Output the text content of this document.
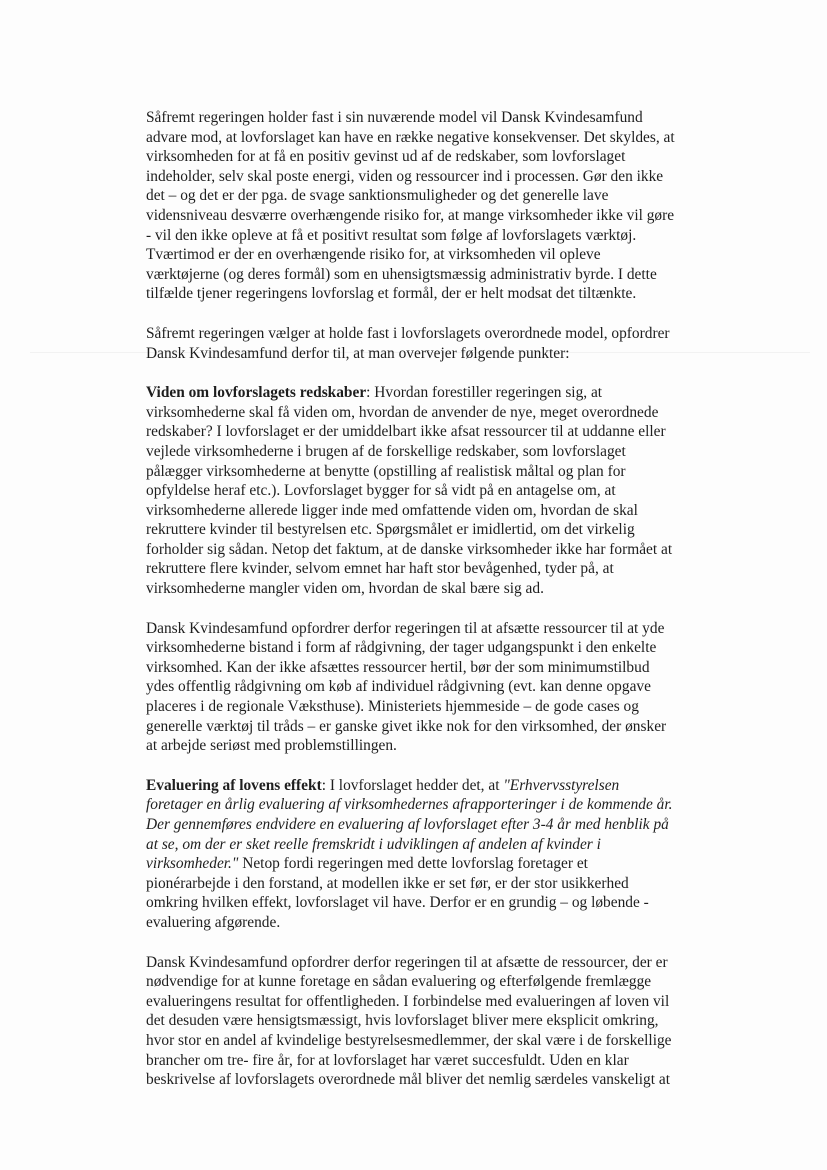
Såfremt regeringen holder fast i sin nuværende model vil Dansk Kvindesamfund
advare mod, at lovforslaget kan have en række negative konsekvenser. Det skyldes, at
virksomheden for at få en positiv gevinst ud af de redskaber, som lovforslaget
indeholder, selv skal poste energi, viden og ressourcer ind i processen. Gør den ikke
det – og det er der pga. de svage sanktionsmuligheder og det generelle lave
vidensniveau desværre overhængende risiko for, at mange virksomheder ikke vil gøre
- vil den ikke opleve at få et positivt resultat som følge af lovforslagets værktøj.
Tværtimod er der en overhængende risiko for, at virksomheden vil opleve
værktøjerne (og deres formål) som en uhensigtsmæssig administrativ byrde. I dette
tilfælde tjener regeringens lovforslag et formål, der er helt modsat det tiltænkte.

Såfremt regeringen vælger at holde fast i lovforslagets overordnede model, opfordrer
Dansk Kvindesamfund derfor til, at man overvejer følgende punkter:

Viden om lovforslagets redskaber: Hvordan forestiller regeringen sig, at
virksomhederne skal få viden om, hvordan de anvender de nye, meget overordnede
redskaber? I lovforslaget er der umiddelbart ikke afsat ressourcer til at uddanne eller
vejlede virksomhederne i brugen af de forskellige redskaber, som lovforslaget
pålægger virksomhederne at benytte (opstilling af realistisk måltal og plan for
opfyldelse heraf etc.). Lovforslaget bygger for så vidt på en antagelse om, at
virksomhederne allerede ligger inde med omfattende viden om, hvordan de skal
rekruttere kvinder til bestyrelsen etc. Spørgsmålet er imidlertid, om det virkelig
forholder sig sådan. Netop det faktum, at de danske virksomheder ikke har formået at
rekruttere flere kvinder, selvom emnet har haft stor bevågenhed, tyder på, at
virksomhederne mangler viden om, hvordan de skal bære sig ad.

Dansk Kvindesamfund opfordrer derfor regeringen til at afsætte ressourcer til at yde
virksomhederne bistand i form af rådgivning, der tager udgangspunkt i den enkelte
virksomhed. Kan der ikke afsættes ressourcer hertil, bør der som minimumstilbud
ydes offentlig rådgivning om køb af individuel rådgivning (evt. kan denne opgave
placeres i de regionale Væksthuse). Ministeriets hjemmeside – de gode cases og
generelle værktøj til tråds – er ganske givet ikke nok for den virksomhed, der ønsker
at arbejde seriøst med problemstillingen.

Evaluering af lovens effekt: I lovforslaget hedder det, at "Erhvervsstyrelsen
foretager en årlig evaluering af virksomhedernes afrapporteringer i de kommende år.
Der gennemføres endvidere en evaluering af lovforslaget efter 3-4 år med henblik på
at se, om der er sket reelle fremskridt i udviklingen af andelen af kvinder i
virksomheder." Netop fordi regeringen med dette lovforslag foretager et
pionérarbejde i den forstand, at modellen ikke er set før, er der stor usikkerhed
omkring hvilken effekt, lovforslaget vil have. Derfor er en grundig – og løbende -
evaluering afgørende.

Dansk Kvindesamfund opfordrer derfor regeringen til at afsætte de ressourcer, der er
nødvendige for at kunne foretage en sådan evaluering og efterfølgende fremlægge
evalueringens resultat for offentligheden. I forbindelse med evalueringen af loven vil
det desuden være hensigtsmæssigt, hvis lovforslaget bliver mere eksplicit omkring,
hvor stor en andel af kvindelige bestyrelsesmedlemmer, der skal være i de forskellige
brancher om tre- fire år, for at lovforslaget har været succesfuldt. Uden en klar
beskrivelse af lovforslagets overordnede mål bliver det nemlig særdeles vanskeligt at
